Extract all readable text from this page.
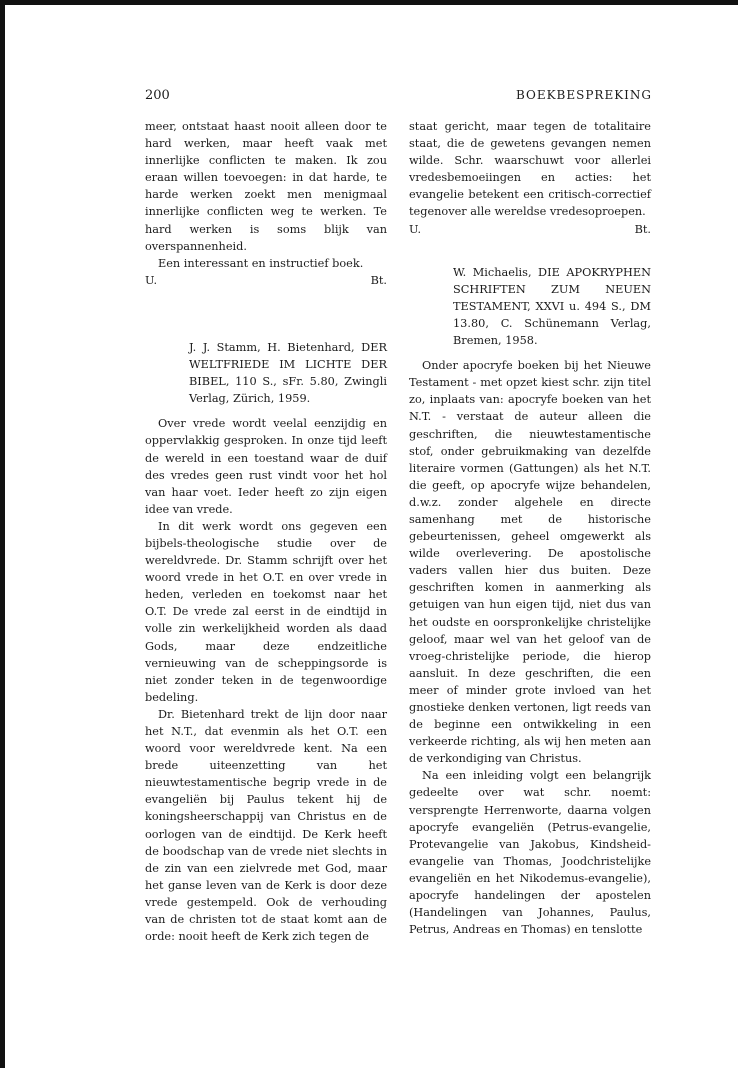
200	BOEKBESPREKING

meer, ontstaat haast nooit alleen door te hard werken, maar heeft vaak met innerlijke conflicten te maken. Ik zou eraan willen toevoegen: in dat harde, te harde werken zoekt men menigmaal innerlijke conflicten weg te werken. Te hard werken is soms blijk van overspannenheid.

Een interessant en instructief boek.

U.	Bt.

J. J. Stamm, H. Bietenhard, DER WELTFRIEDE IM LICHTE DER BIBEL, 110 S., sFr. 5.80, Zwingli Verlag, Zürich, 1959.

Over vrede wordt veelal eenzijdig en oppervlakkig gesproken. In onze tijd leeft de wereld in een toestand waar de duif des vredes geen rust vindt voor het hol van haar voet. Ieder heeft zo zijn eigen idee van vrede.

In dit werk wordt ons gegeven een bijbels-theologische studie over de wereldvrede. Dr. Stamm schrijft over het woord vrede in het O.T. en over vrede in heden, verleden en toekomst naar het O.T. De vrede zal eerst in de eindtijd in volle zin werkelijkheid worden als daad Gods, maar deze endzeitliche vernieuwing van de scheppingsorde is niet zonder teken in de tegenwoordige bedeling.

Dr. Bietenhard trekt de lijn door naar het N.T., dat evenmin als het O.T. een woord voor wereldvrede kent. Na een brede uiteenzetting van het nieuwtestamentische begrip vrede in de evangeliën bij Paulus tekent hij de koningsheerschappij van Christus en de oorlogen van de eindtijd. De Kerk heeft de boodschap van de vrede niet slechts in de zin van een zielvrede met God, maar het ganse leven van de Kerk is door deze vrede gestempeld. Ook de verhouding van de christen tot de staat komt aan de orde: nooit heeft de Kerk zich tegen de

staat gericht, maar tegen de totalitaire staat, die de gewetens gevangen nemen wilde. Schr. waarschuwt voor allerlei vredesbemoeiingen en acties: het evangelie betekent een critisch-correctief tegenover alle wereldse vredesoproepen.

U.	Bt.

W. Michaelis, DIE APOKRYPHEN SCHRIFTEN ZUM NEUEN TESTAMENT, XXVI u. 494 S., DM 13.80, C. Schünemann Verlag, Bremen, 1958.

Onder apocryfe boeken bij het Nieuwe Testament - met opzet kiest schr. zijn titel zo, inplaats van: apocryfe boeken van het N.T. - verstaat de auteur alleen die geschriften, die nieuwtestamentische stof, onder gebruikmaking van dezelfde literaire vormen (Gattungen) als het N.T. die geeft, op apocryfe wijze behandelen, d.w.z. zonder algehele en directe samenhang met de historische gebeurtenissen, geheel omgewerkt als wilde overlevering. De apostolische vaders vallen hier dus buiten. Deze geschriften komen in aanmerking als getuigen van hun eigen tijd, niet dus van het oudste en oorspronkelijke christelijke geloof, maar wel van het geloof van de vroeg-christelijke periode, die hierop aansluit. In deze geschriften, die een meer of minder grote invloed van het gnostieke denken vertonen, ligt reeds van de beginne een ontwikkeling in een verkeerde richting, als wij hen meten aan de verkondiging van Christus.

Na een inleiding volgt een belangrijk gedeelte over wat schr. noemt: versprengte Herrenworte, daarna volgen apocryfe evangeliën (Petrus-evangelie, Protevangelie van Jakobus, Kindsheid-evangelie van Thomas, Joodchristelijke evangeliën en het Nikodemus-evangelie), apocryfe handelingen der apostelen (Handelingen van Johannes, Paulus, Petrus, Andreas en Thomas) en tenslotte
